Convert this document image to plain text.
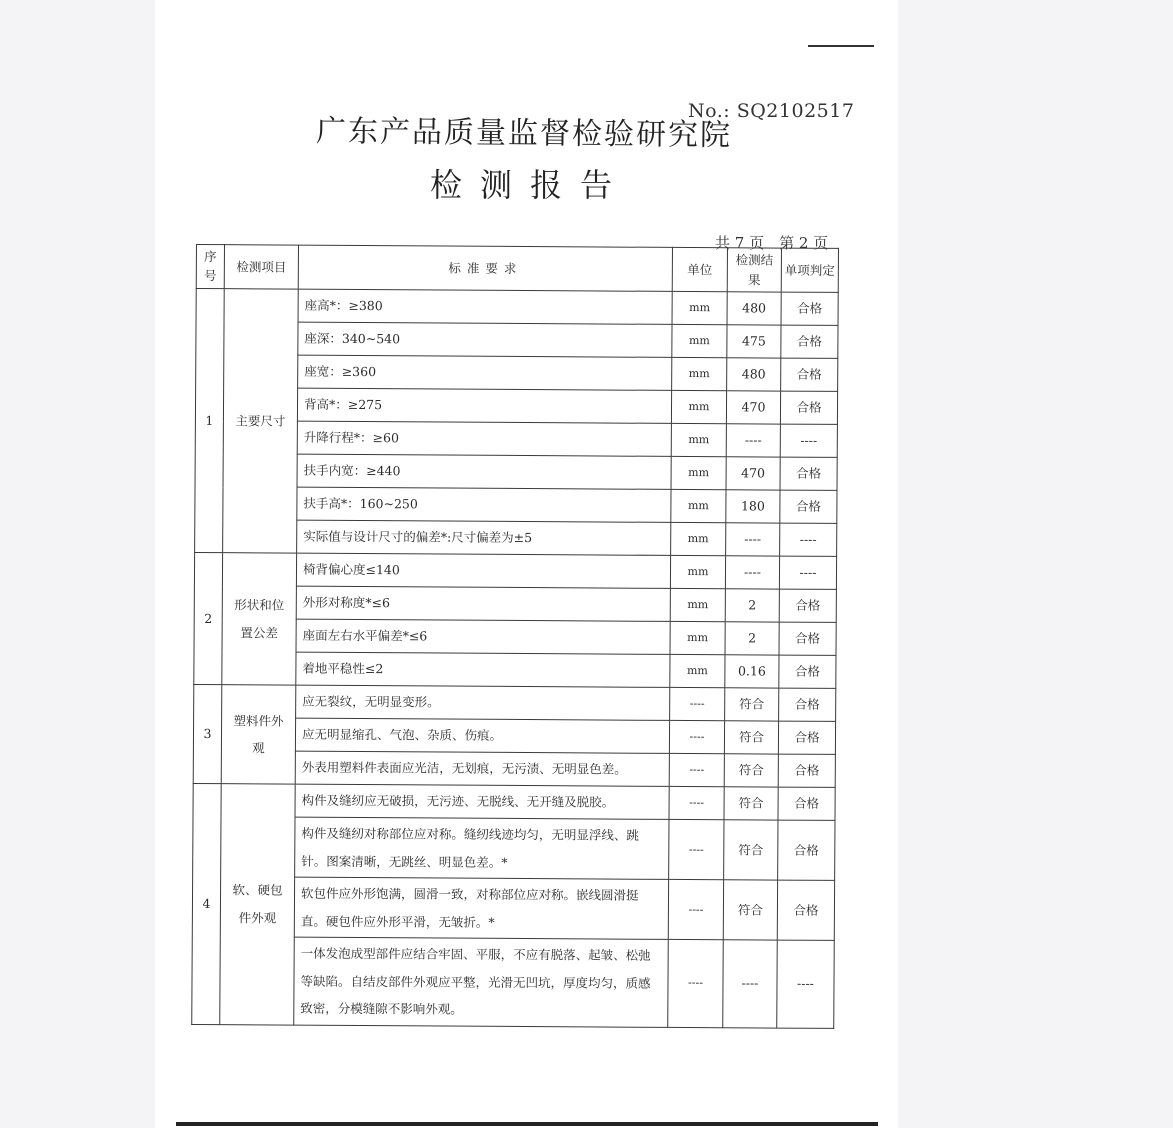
No.: SQ2102517
广东产品质量监督检验研究院
检测报告
共 7 页　第 2 页
序号	检测项目	标准要求	单位	检测结果	单项判定
1	主要尺寸	座高*：≥380	mm	480	合格
		座深：340~540	mm	475	合格
		座宽：≥360	mm	480	合格
		背高*：≥275	mm	470	合格
		升降行程*：≥60	mm	----	----
		扶手内宽：≥440	mm	470	合格
		扶手高*：160~250	mm	180	合格
		实际值与设计尺寸的偏差*:尺寸偏差为±5	mm	----	----
2	形状和位置公差	椅背偏心度≤140	mm	----	----
		外形对称度*≤6	mm	2	合格
		座面左右水平偏差*≤6	mm	2	合格
		着地平稳性≤2	mm	0.16	合格
3	塑料件外观	应无裂纹，无明显变形。	----	符合	合格
		应无明显缩孔、气泡、杂质、伤痕。	----	符合	合格
		外表用塑料件表面应光洁，无划痕，无污渍、无明显色差。	----	符合	合格
4	软、硬包件外观	构件及缝纫应无破损，无污迹、无脱线、无开缝及脱胶。	----	符合	合格
		构件及缝纫对称部位应对称。缝纫线迹均匀，无明显浮线、跳针。图案清晰，无跳丝、明显色差。*	----	符合	合格
		软包件应外形饱满，圆滑一致，对称部位应对称。嵌线圆滑挺直。硬包件应外形平滑，无皱折。*	----	符合	合格
		一体发泡成型部件应结合牢固、平服，不应有脱落、起皱、松弛等缺陷。自结皮部件外观应平整，光滑无凹坑，厚度均匀，质感致密，分模缝隙不影响外观。	----	----	----
